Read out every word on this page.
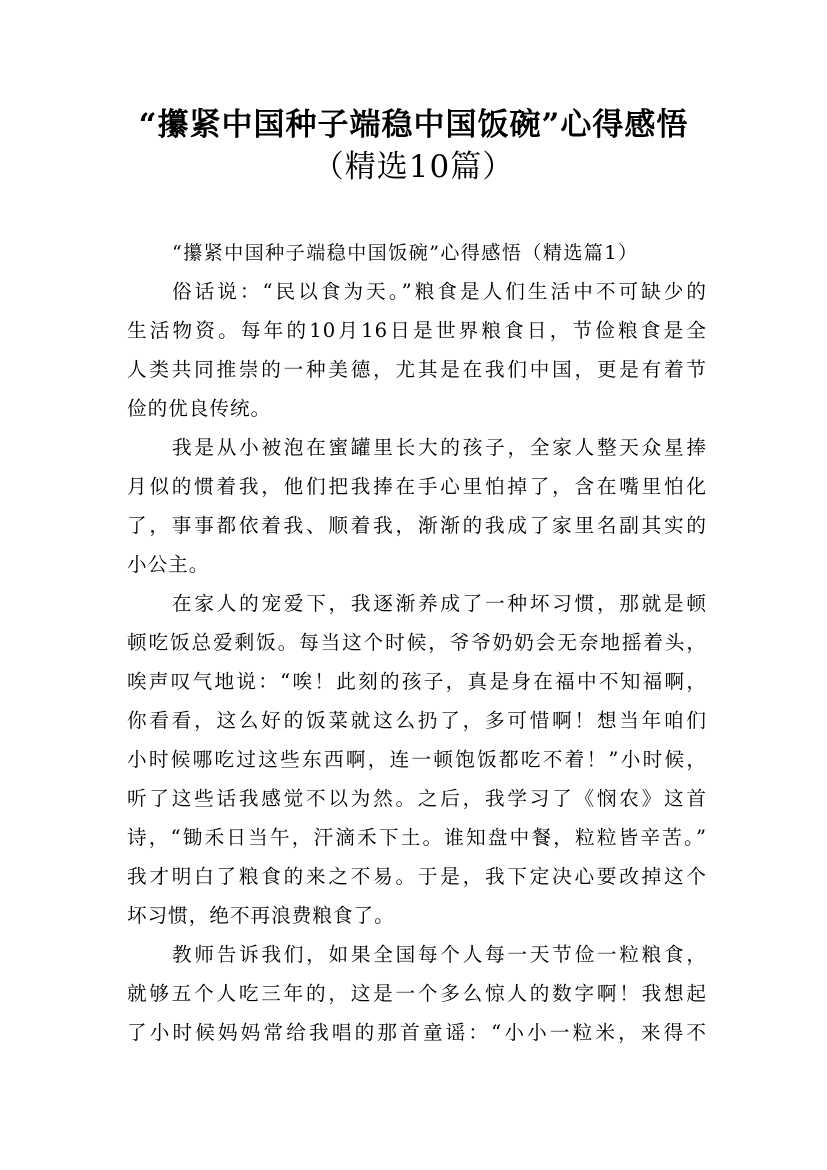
“攥紧中国种子端稳中国饭碗”心得感悟
（精选10篇）
“攥紧中国种子端稳中国饭碗”心得感悟（精选篇1）
俗话说：“民以食为天。”粮食是人们生活中不可缺少的
生活物资。每年的10月16日是世界粮食日，节俭粮食是全
人类共同推崇的一种美德，尤其是在我们中国，更是有着节
俭的优良传统。
我是从小被泡在蜜罐里长大的孩子，全家人整天众星捧
月似的惯着我，他们把我捧在手心里怕掉了，含在嘴里怕化
了，事事都依着我、顺着我，渐渐的我成了家里名副其实的
小公主。
在家人的宠爱下，我逐渐养成了一种坏习惯，那就是顿
顿吃饭总爱剩饭。每当这个时候，爷爷奶奶会无奈地摇着头，
唉声叹气地说：“唉！此刻的孩子，真是身在福中不知福啊，
你看看，这么好的饭菜就这么扔了，多可惜啊！想当年咱们
小时候哪吃过这些东西啊，连一顿饱饭都吃不着！”小时候，
听了这些话我感觉不以为然。之后，我学习了《悯农》这首
诗，“锄禾日当午，汗滴禾下土。谁知盘中餐，粒粒皆辛苦。”
我才明白了粮食的来之不易。于是，我下定决心要改掉这个
坏习惯，绝不再浪费粮食了。
教师告诉我们，如果全国每个人每一天节俭一粒粮食，
就够五个人吃三年的，这是一个多么惊人的数字啊！我想起
了小时候妈妈常给我唱的那首童谣：“小小一粒米，来得不
